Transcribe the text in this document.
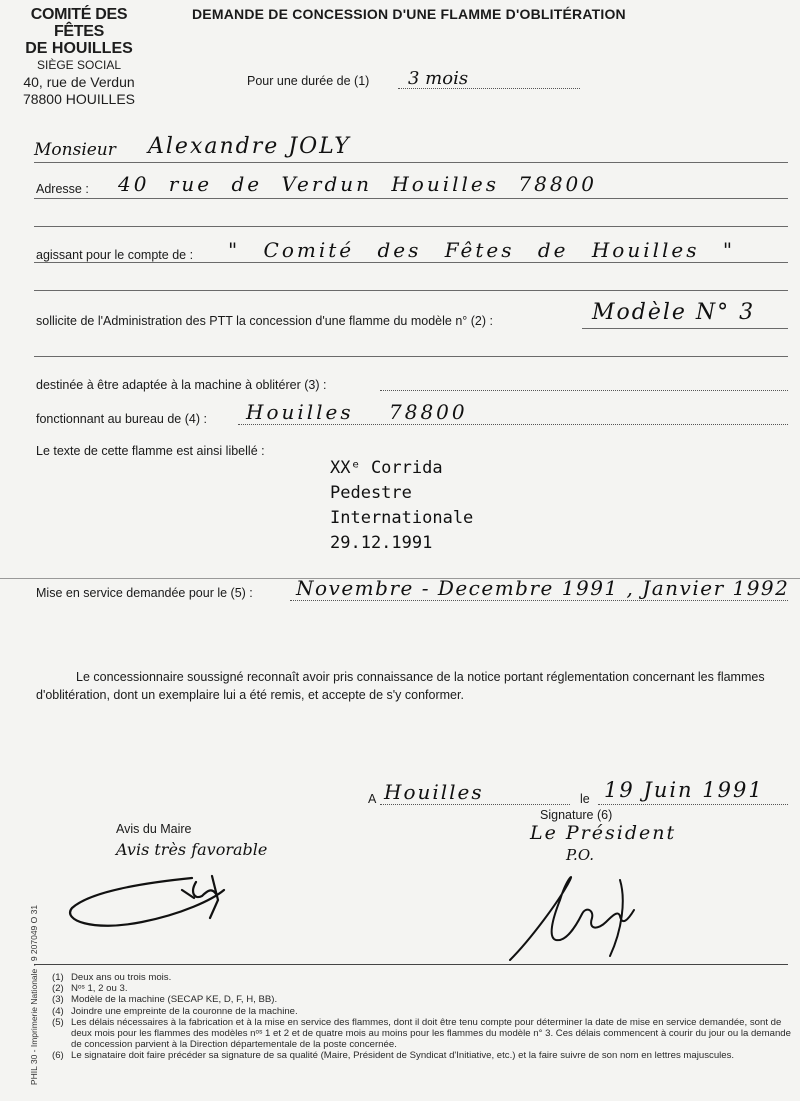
COMITÉ DES FÊTES
DE HOUILLES
SIÈGE SOCIAL
40, rue de Verdun
78800 HOUILLES
DEMANDE DE CONCESSION D'UNE FLAMME D'OBLITÉRATION
Pour une durée de (1) 3 mois
Monsieur Alexandre JOLY
Adresse : 40 rue de Verdun Houilles 78800
agissant pour le compte de : " Comité des Fêtes de Houilles "
sollicite de l'Administration des PTT la concession d'une flamme du modèle n° (2) :	Modèle N° 3
destinée à être adaptée à la machine à oblitérer (3) :
fonctionnant au bureau de (4) : Houilles 78800
Le texte de cette flamme est ainsi libellé :
XXᵉ Corrida
Pedestre
Internationale
29.12.1991
Mise en service demandée pour le (5) : Novembre - Decembre 1991 , Janvier 1992
Le concessionnaire soussigné reconnaît avoir pris connaissance de la notice portant réglementation concernant les flammes d'oblitération, dont un exemplaire lui a été remis, et accepte de s'y conformer.
A Houilles	le 19 Juin 1991
Avis du Maire
Avis très favorable
Signature (6)
Le Président
P.O.
(1) Deux ans ou trois mois.
(2) Nᵒˢ 1, 2 ou 3.
(3) Modèle de la machine (SECAP KE, D, F, H, BB).
(4) Joindre une empreinte de la couronne de la machine.
(5) Les délais nécessaires à la fabrication et à la mise en service des flammes, dont il doit être tenu compte pour déterminer la date de mise en service demandée, sont de deux mois pour les flammes des modèles nᵒˢ 1 et 2 et de quatre mois au moins pour les flammes du modèle n° 3. Ces délais commencent à courir du jour ou la demande de concession parvient à la Direction départementale de la poste concernée.
(6) Le signataire doit faire précéder sa signature de sa qualité (Maire, Président de Syndicat d'Initiative, etc.) et la faire suivre de son nom en lettres majuscules.
PHIL 30 - Imprimerie Nationale - 9 207049 O 31
